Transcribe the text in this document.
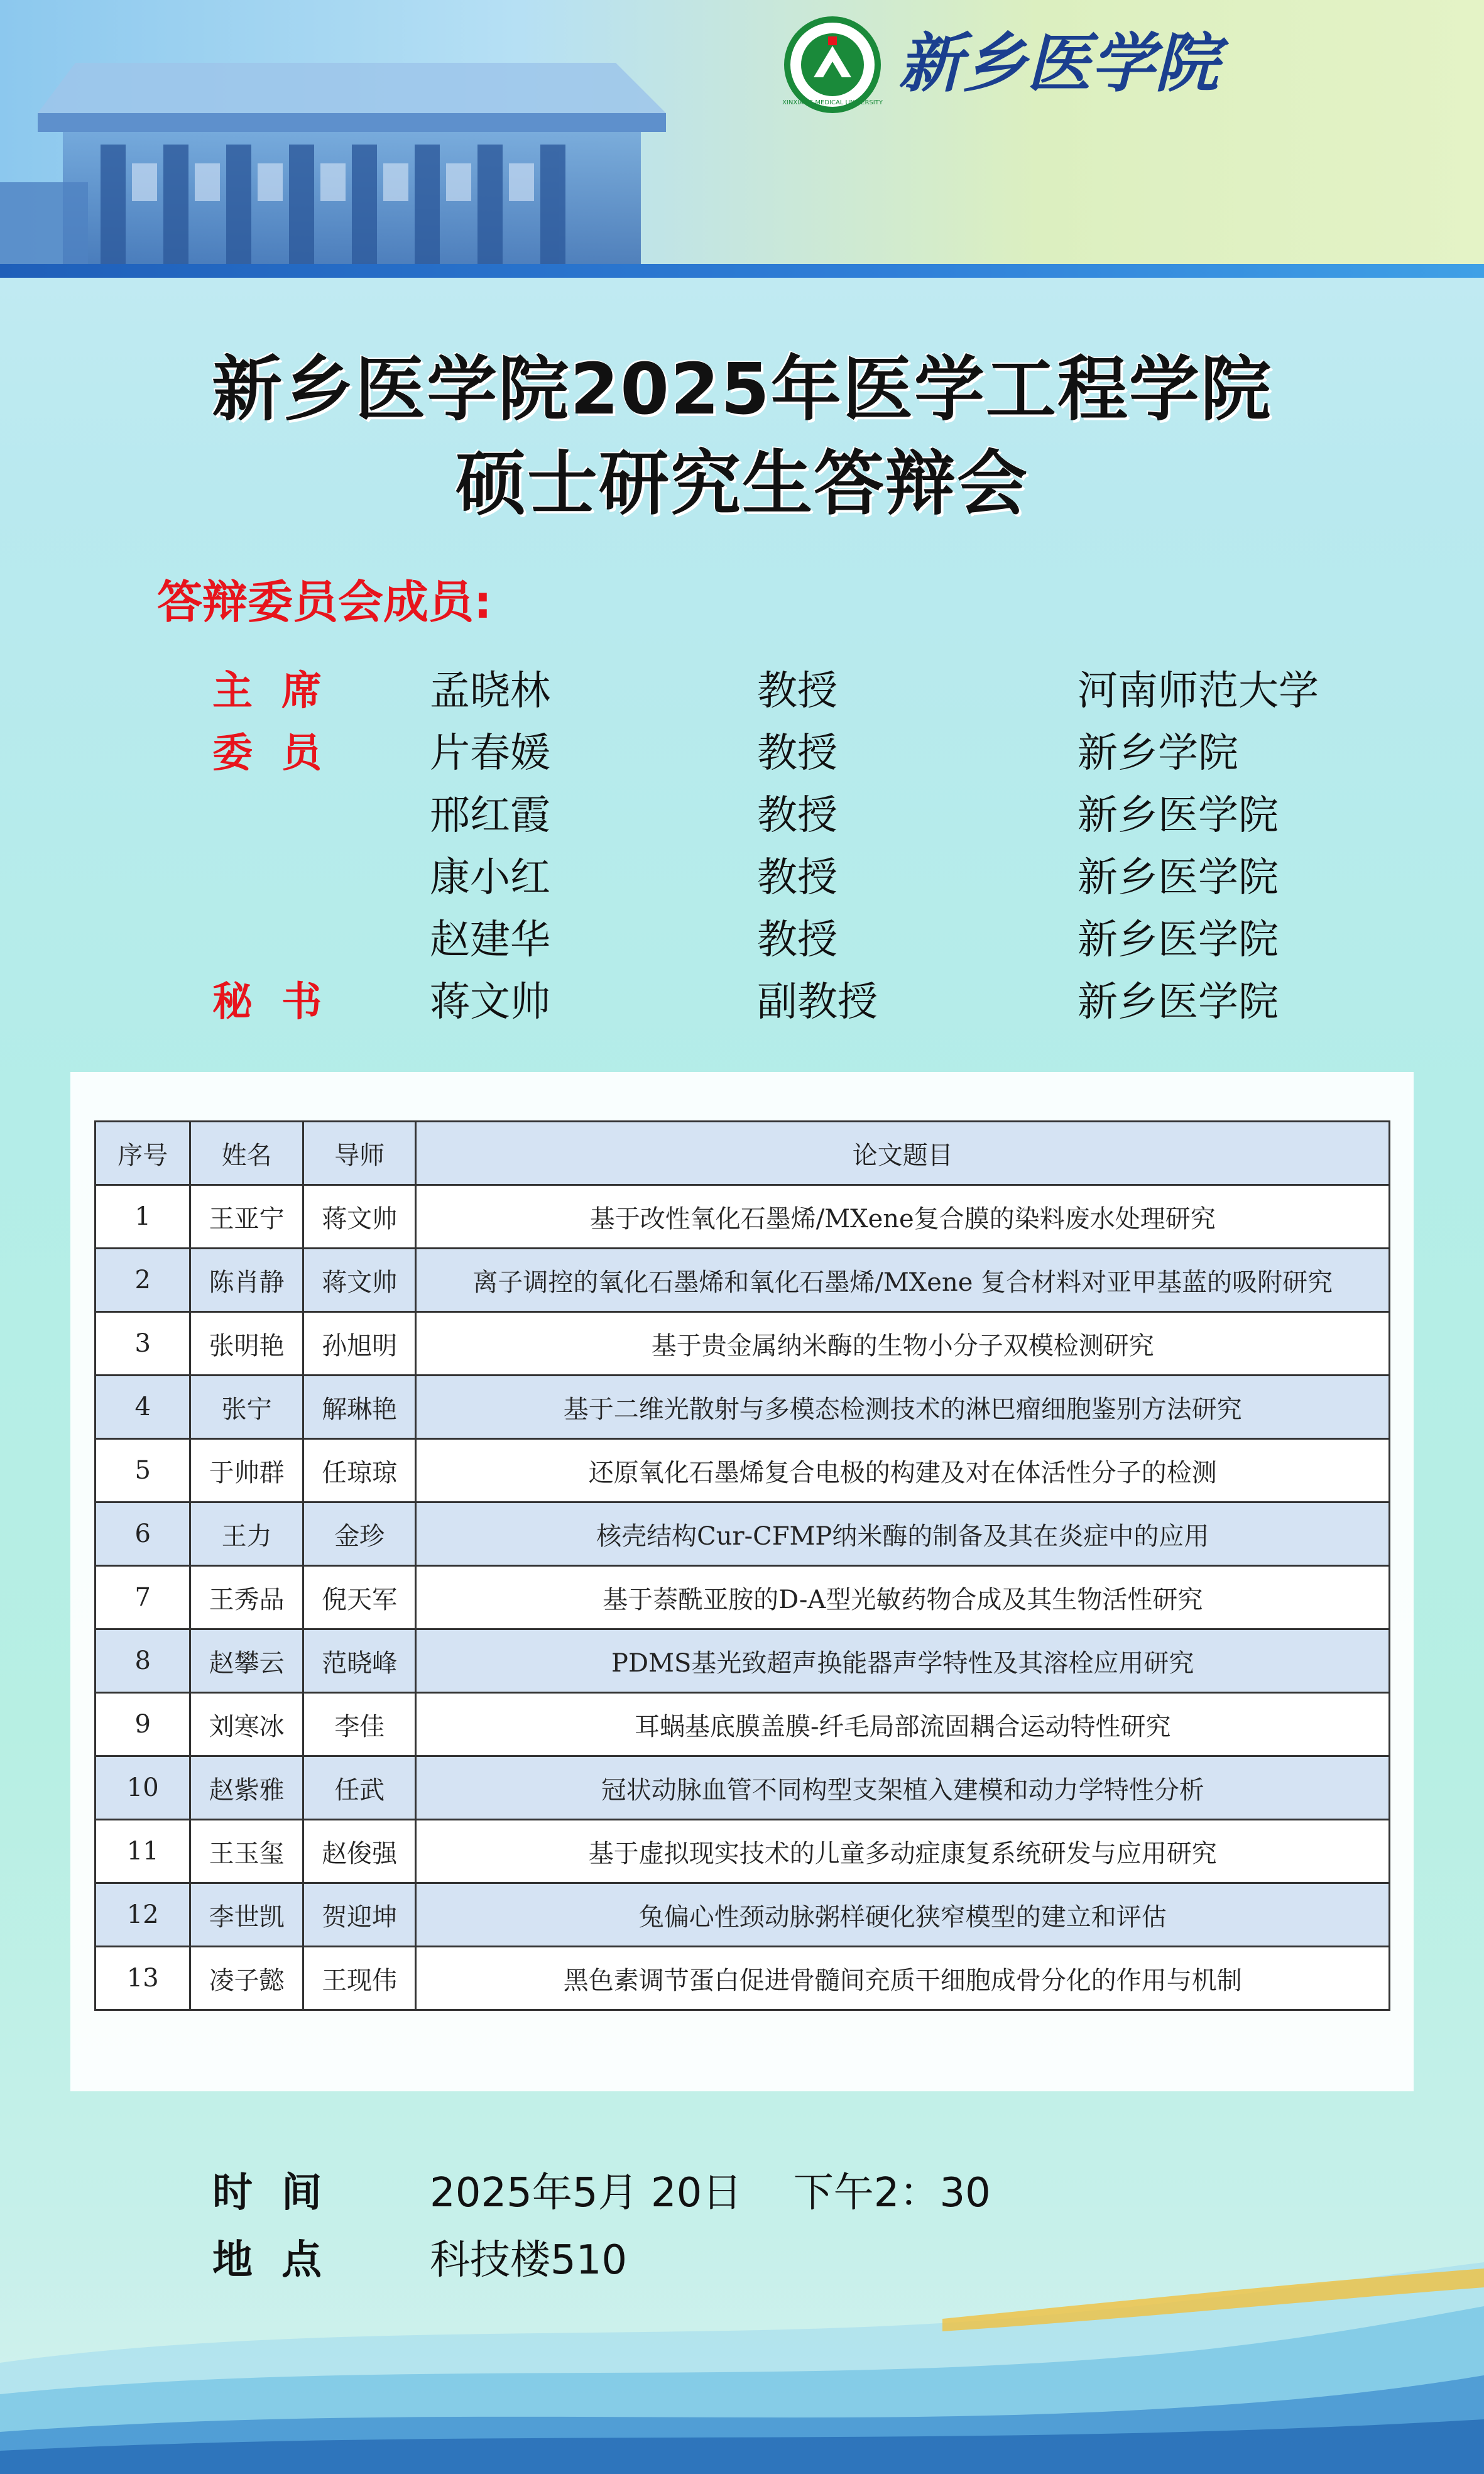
XINXIANG MEDICAL UNIVERSITY
新乡医学院
新乡医学院2025年医学工程学院
硕士研究生答辩会
答辩委员会成员:
主席 孟晓林	教授	河南师范大学
委员 片春媛	教授	新乡学院
邢红霞	教授	新乡医学院
康小红	教授	新乡医学院
赵建华	教授	新乡医学院
秘书 蒋文帅	副教授	新乡医学院
序号	姓名	导师	论文题目
1	王亚宁	蒋文帅	基于改性氧化石墨烯/MXene复合膜的染料废水处理研究
2	陈肖静	蒋文帅	离子调控的氧化石墨烯和氧化石墨烯/MXene 复合材料对亚甲基蓝的吸附研究
3	张明艳	孙旭明	基于贵金属纳米酶的生物小分子双模检测研究
4	张宁	解琳艳	基于二维光散射与多模态检测技术的淋巴瘤细胞鉴别方法研究
5	于帅群	任琼琼	还原氧化石墨烯复合电极的构建及对在体活性分子的检测
6	王力	金珍	核壳结构Cur-CFMP纳米酶的制备及其在炎症中的应用
7	王秀品	倪天军	基于萘酰亚胺的D-A型光敏药物合成及其生物活性研究
8	赵攀云	范晓峰	PDMS基光致超声换能器声学特性及其溶栓应用研究
9	刘寒冰	李佳	耳蜗基底膜盖膜-纤毛局部流固耦合运动特性研究
10	赵紫雅	任武	冠状动脉血管不同构型支架植入建模和动力学特性分析
11	王玉玺	赵俊强	基于虚拟现实技术的儿童多动症康复系统研发与应用研究
12	李世凯	贺迎坤	兔偏心性颈动脉粥样硬化狭窄模型的建立和评估
13	凌子懿	王现伟	黑色素调节蛋白促进骨髓间充质干细胞成骨分化的作用与机制
时间 2025年5月 20日    下午2：30
地点 科技楼510
